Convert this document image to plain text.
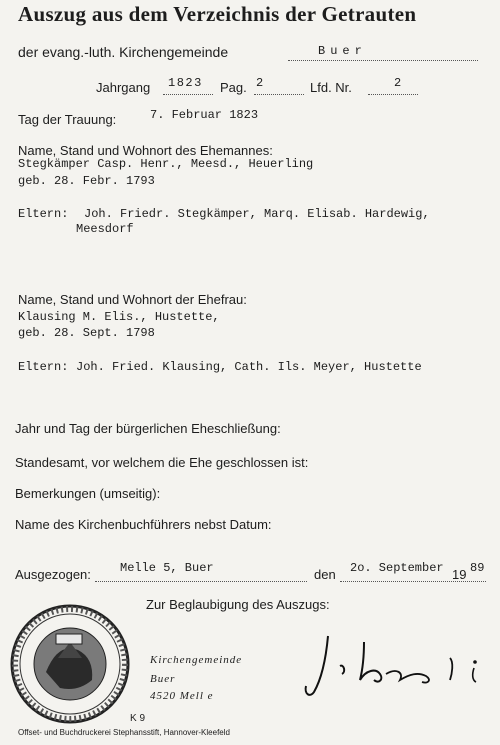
Auszug aus dem Verzeichnis der Getrauten
der evang.-luth. Kirchengemeinde	Buer
Jahrgang 1823 Pag. 2	Lfd. Nr.	2
Tag der Trauung:	7. Februar 1823
Name, Stand und Wohnort des Ehemannes:
Stegkämper Casp. Henr., Meesd., Heuerling
geb. 28. Febr. 1793
Eltern: Joh. Friedr. Stegkämper, Marq. Elisab. Hardewig,
Meesdorf
Name, Stand und Wohnort der Ehefrau:
Klausing M. Elis., Hustette,
geb. 28. Sept. 1798
Eltern: Joh. Fried. Klausing, Cath. Ils. Meyer, Hustette
Jahr und Tag der bürgerlichen Eheschließung:
Standesamt, vor welchem die Ehe geschlossen ist:
Bemerkungen (umseitig):
Name des Kirchenbuchführers nebst Datum:
Ausgezogen: Melle 5, Buer	den 2o. September 19 89
Zur Beglaubigung des Auszugs:
Kirchengemeinde
Buer
4520 Mell e
K 9
Offset- und Buchdruckerei Stephansstift, Hannover-Kleefeld
